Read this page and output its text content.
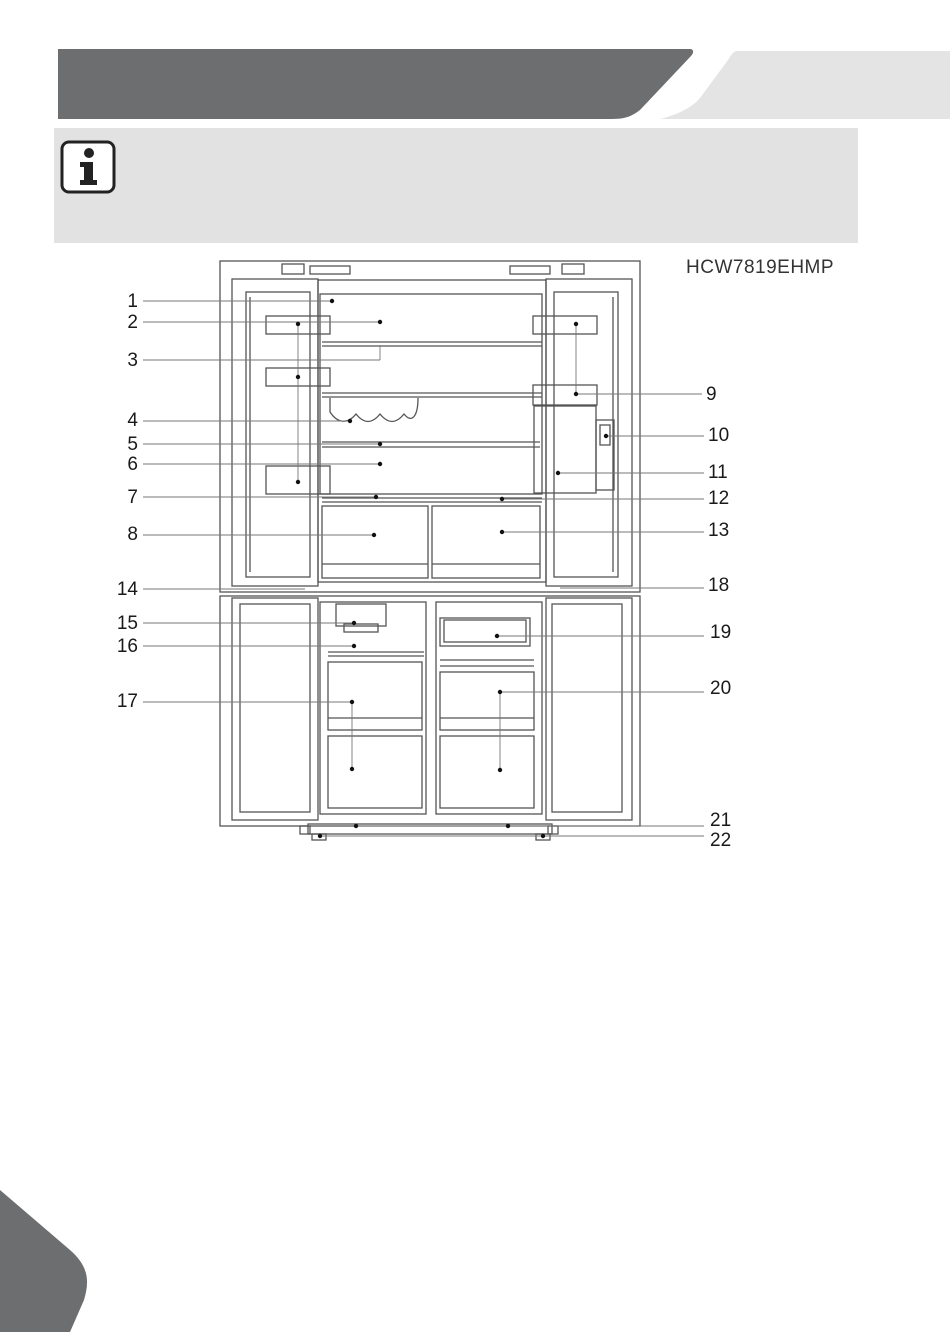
HCW7819EHMP
1
2
3
4
5
6
7
8
14
15
16
17
9
10
11
12
13
18
19
20
21
22
